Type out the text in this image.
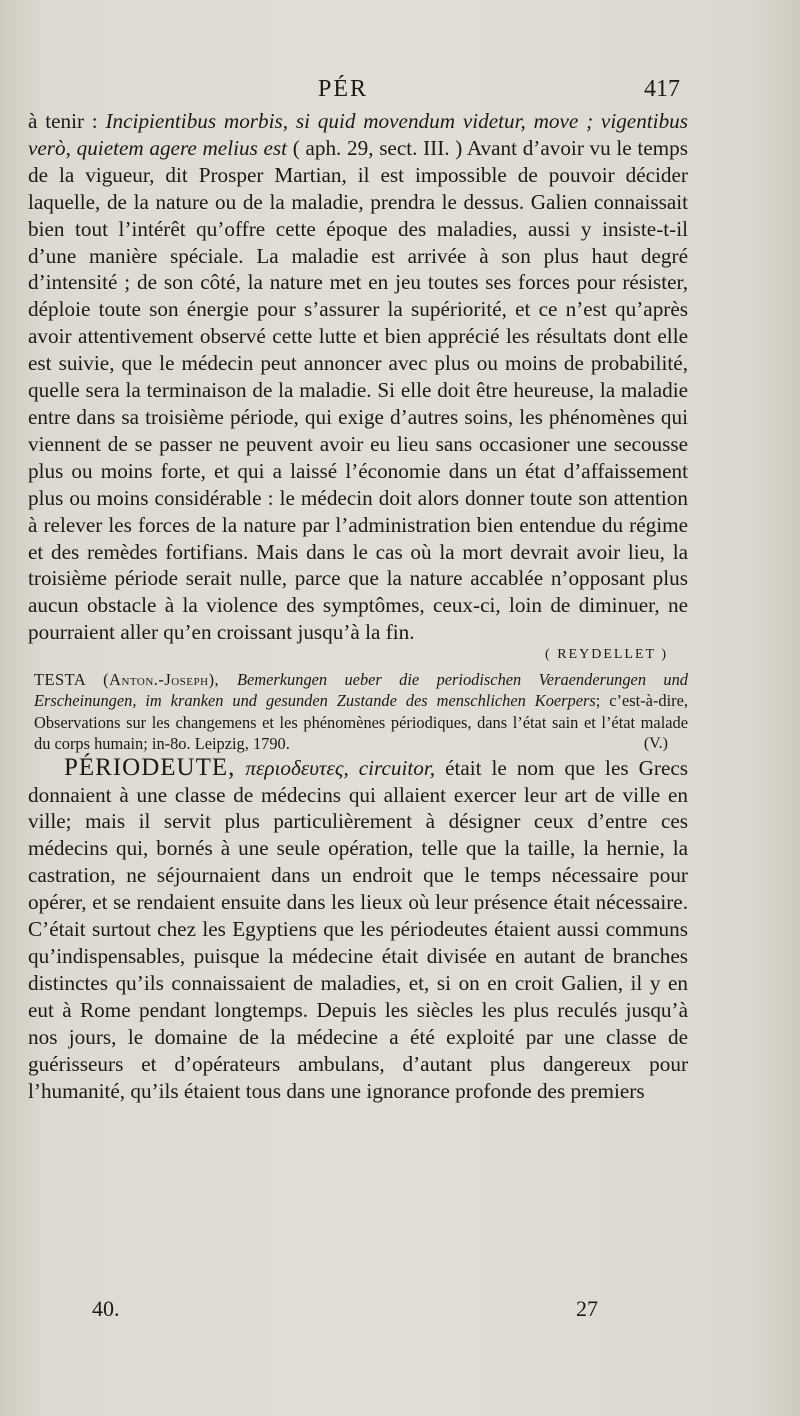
PÉR	417

à tenir : Incipientibus morbis, si quid movendum videtur, move ; vigentibus verò, quietem agere melius est ( aph. 29, sect. III. ) Avant d’avoir vu le temps de la vigueur, dit Prosper Martian, il est impossible de pouvoir décider laquelle, de la nature ou de la maladie, prendra le dessus. Galien connaissait bien tout l’intérêt qu’offre cette époque des maladies, aussi y insiste-t-il d’une manière spéciale. La maladie est arrivée à son plus haut degré d’intensité ; de son côté, la nature met en jeu toutes ses forces pour résister, déploie toute son énergie pour s’assurer la supériorité, et ce n’est qu’après avoir attentivement observé cette lutte et bien apprécié les résultats dont elle est suivie, que le médecin peut annoncer avec plus ou moins de probabilité, quelle sera la terminaison de la maladie. Si elle doit être heureuse, la maladie entre dans sa troisième période, qui exige d’autres soins, les phénomènes qui viennent de se passer ne peuvent avoir eu lieu sans occasioner une secousse plus ou moins forte, et qui a laissé l’économie dans un état d’affaissement plus ou moins considérable : le médecin doit alors donner toute son attention à relever les forces de la nature par l’administration bien entendue du régime et des remèdes fortifians. Mais dans le cas où la mort devrait avoir lieu, la troisième période serait nulle, parce que la nature accablée n’opposant plus aucun obstacle à la violence des symptômes, ceux-ci, loin de diminuer, ne pourraient aller qu’en croissant jusqu’à la fin.

( REYDELLET )

TESTA (Anton.-Joseph), Bemerkungen ueber die periodischen Veraenderungen und Erscheinungen, im kranken und gesunden Zustande des menschlichen Koerpers; c’est-à-dire, Observations sur les changemens et les phénomènes périodiques, dans l’état sain et l’état malade du corps humain; in-8o. Leipzig, 1790.	(V.)

PÉRIODEUTE, περιοδευτες, circuitor, était le nom que les Grecs donnaient à une classe de médecins qui allaient exercer leur art de ville en ville; mais il servit plus particulièrement à désigner ceux d’entre ces médecins qui, bornés à une seule opération, telle que la taille, la hernie, la castration, ne séjournaient dans un endroit que le temps nécessaire pour opérer, et se rendaient ensuite dans les lieux où leur présence était nécessaire. C’était surtout chez les Egyptiens que les périodeutes étaient aussi communs qu’indispensables, puisque la médecine était divisée en autant de branches distinctes qu’ils connaissaient de maladies, et, si on en croit Galien, il y en eut à Rome pendant longtemps. Depuis les siècles les plus reculés jusqu’à nos jours, le domaine de la médecine a été exploité par une classe de guérisseurs et d’opérateurs ambulans, d’autant plus dangereux pour l’humanité, qu’ils étaient tous dans une ignorance profonde des premiers

40.	27
